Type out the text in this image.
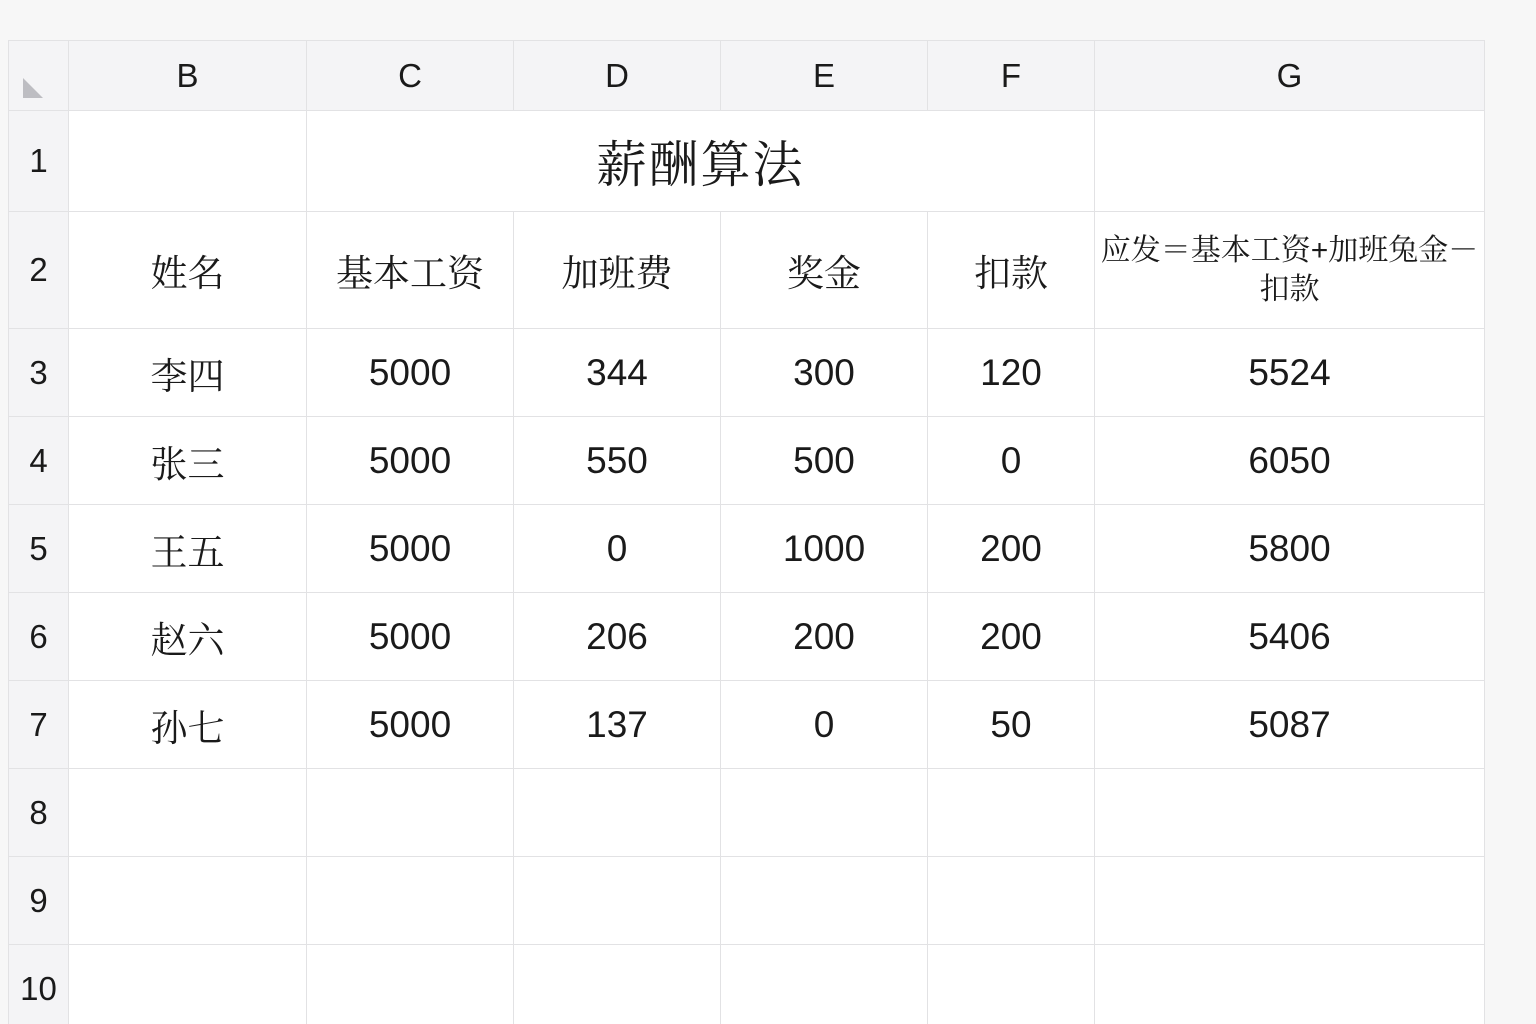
	B	C	D	E	F	G
1		薪酬算法				
2	姓名	基本工资	加班费	奖金	扣款	应发＝基本工资+加班兔金－扣款
3	李四	5000	344	300	120	5524
4	张三	5000	550	500	0	6050
5	王五	5000	0	1000	200	5800
6	赵六	5000	206	200	200	5406
7	孙七	5000	137	0	50	5087
8						
9						
10						
